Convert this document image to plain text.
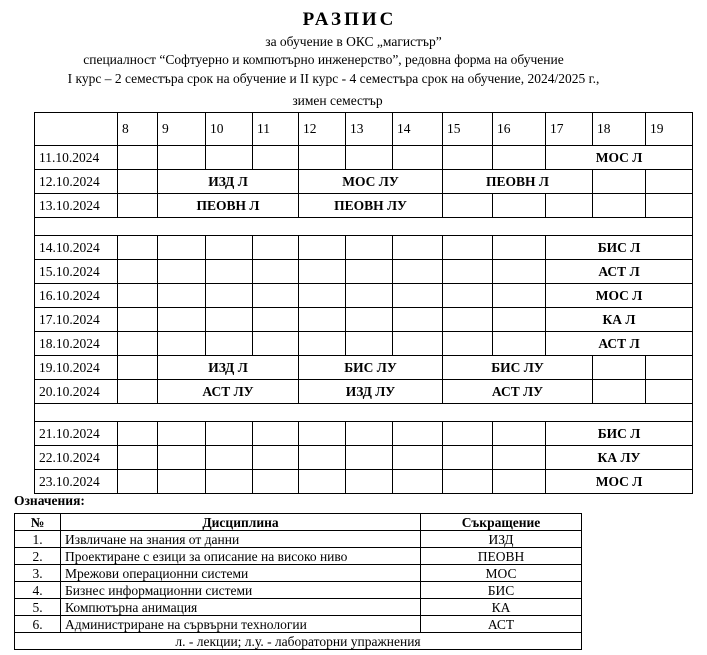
РАЗПИС
за обучение в ОКС „магистър”
специалност “Софтуерно и компютърно инженерство”, редовна форма на обучение
I курс – 2 семестъра срок на обучение и II курс - 4 семестъра срок на обучение, 2024/2025 г.,
зимен семестър
	8	9	10	11	12	13	14	15	16	17	18	19
11.10.2024										МОС Л		
12.10.2024		ИЗД Л			МОС ЛУ			ПЕОВН Л				
13.10.2024		ПЕОВН Л			ПЕОВН ЛУ							

14.10.2024										БИС Л		
15.10.2024										АСТ Л		
16.10.2024										МОС Л		
17.10.2024										КА Л		
18.10.2024										АСТ Л		
19.10.2024		ИЗД Л			БИС ЛУ			БИС ЛУ				
20.10.2024		АСТ ЛУ			ИЗД ЛУ			АСТ ЛУ				

21.10.2024										БИС Л		
22.10.2024										КА ЛУ		
23.10.2024										МОС Л		
Означения:
№	Дисциплина	Съкращение
1.	Извличане на знания от данни	ИЗД
2.	Проектиране с езици за описание на високо ниво	ПЕОВН
3.	Мрежови операционни системи	МОС
4.	Бизнес информационни системи	БИС
5.	Компютърна анимация	КА
6.	Администриране на сървърни технологии	АСТ
л. - лекции; л.у. - лабораторни упражнения		
